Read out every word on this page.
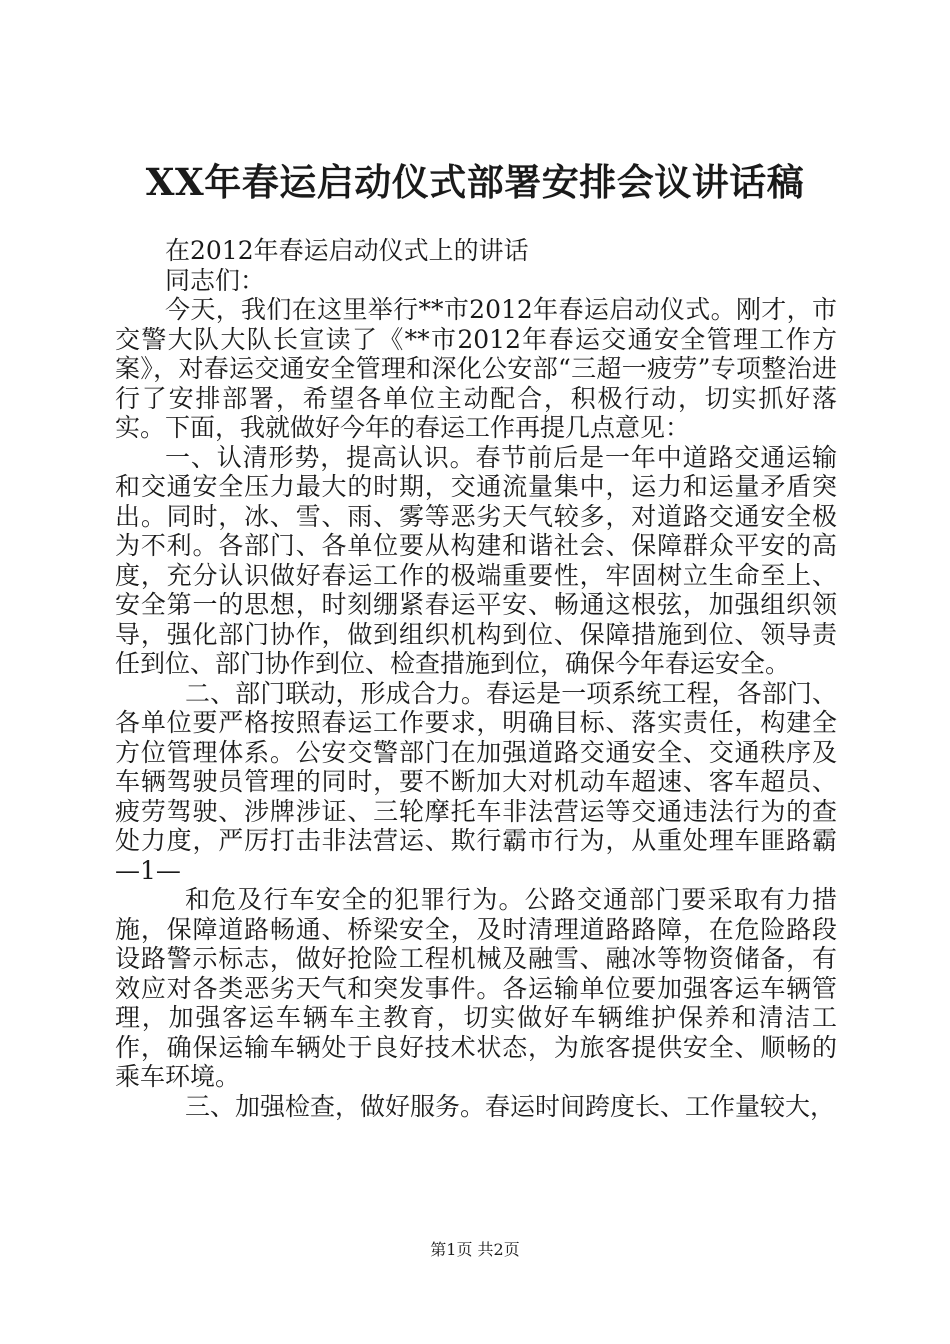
XX年春运启动仪式部署安排会议讲话稿

在2012年春运启动仪式上的讲话

同志们：

今天，我们在这里举行**市2012年春运启动仪式。刚才，市交警大队大队长宣读了《**市2012年春运交通安全管理工作方案》，对春运交通安全管理和深化公安部“三超一疲劳”专项整治进行了安排部署，希望各单位主动配合，积极行动，切实抓好落实。下面，我就做好今年的春运工作再提几点意见：

一、认清形势，提高认识。春节前后是一年中道路交通运输和交通安全压力最大的时期，交通流量集中，运力和运量矛盾突出。同时，冰、雪、雨、雾等恶劣天气较多，对道路交通安全极为不利。各部门、各单位要从构建和谐社会、保障群众平安的高度，充分认识做好春运工作的极端重要性，牢固树立生命至上、安全第一的思想，时刻绷紧春运平安、畅通这根弦，加强组织领导，强化部门协作，做到组织机构到位、保障措施到位、领导责任到位、部门协作到位、检查措施到位，确保今年春运安全。

二、部门联动，形成合力。春运是一项系统工程，各部门、各单位要严格按照春运工作要求，明确目标、落实责任，构建全方位管理体系。公安交警部门在加强道路交通安全、交通秩序及车辆驾驶员管理的同时，要不断加大对机动车超速、客车超员、疲劳驾驶、涉牌涉证、三轮摩托车非法营运等交通违法行为的查处力度，严厉打击非法营运、欺行霸市行为，从重处理车匪路霸—1—

和危及行车安全的犯罪行为。公路交通部门要采取有力措施，保障道路畅通、桥梁安全，及时清理道路路障，在危险路段设路警示标志，做好抢险工程机械及融雪、融冰等物资储备，有效应对各类恶劣天气和突发事件。各运输单位要加强客运车辆管理，加强客运车辆车主教育，切实做好车辆维护保养和清洁工作，确保运输车辆处于良好技术状态，为旅客提供安全、顺畅的乘车环境。

三、加强检查，做好服务。春运时间跨度长、工作量较大，

第1页 共2页
